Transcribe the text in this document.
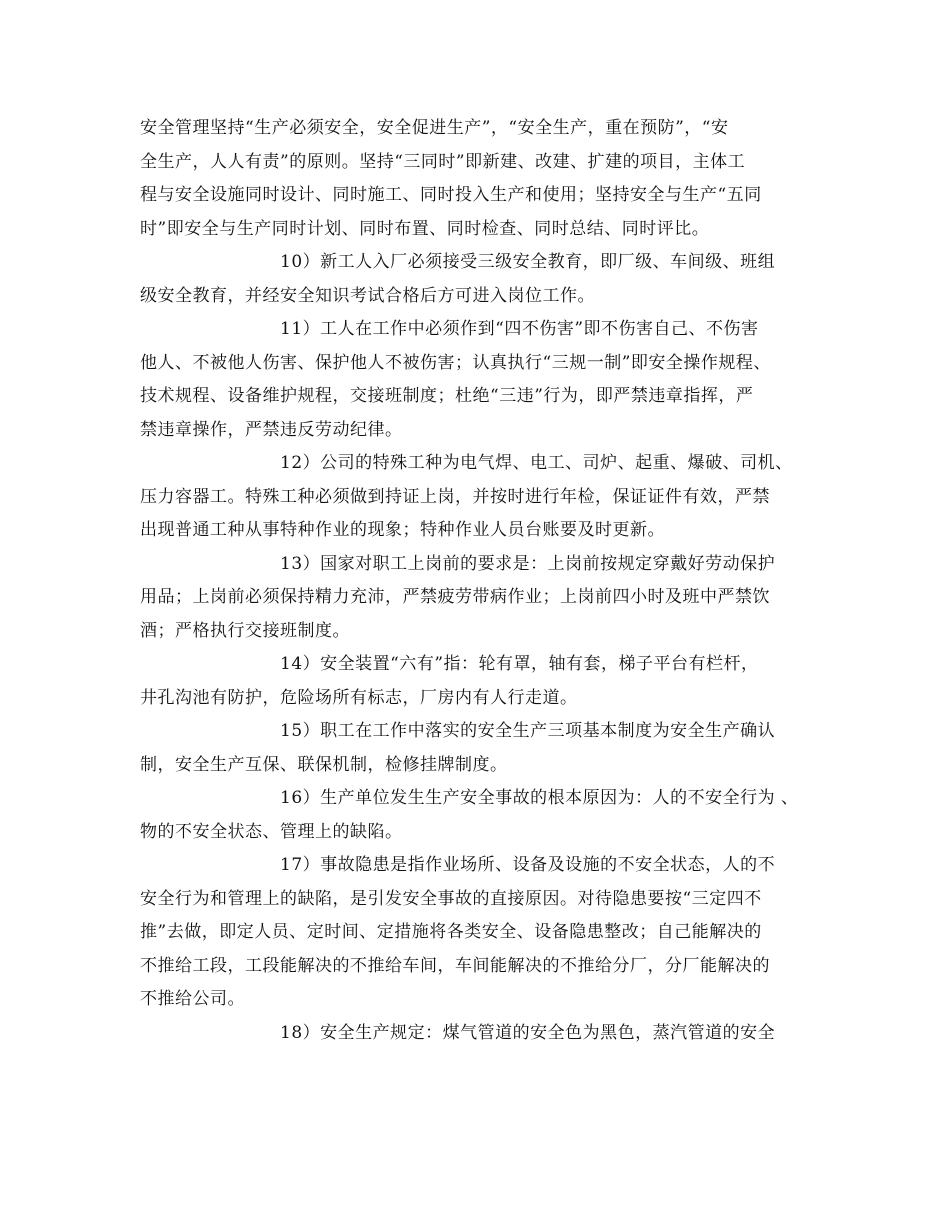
安全管理坚持“生产必须安全，安全促进生产”，“安全生产，重在预防”，“安
全生产，人人有责”的原则。坚持“三同时”即新建、改建、扩建的项目，主体工
程与安全设施同时设计、同时施工、同时投入生产和使用；坚持安全与生产“五同
时”即安全与生产同时计划、同时布置、同时检查、同时总结、同时评比。
10）新工人入厂必须接受三级安全教育，即厂级、车间级、班组
级安全教育，并经安全知识考试合格后方可进入岗位工作。
11）工人在工作中必须作到“四不伤害”即不伤害自己、不伤害
他人、不被他人伤害、保护他人不被伤害；认真执行“三规一制”即安全操作规程、
技术规程、设备维护规程，交接班制度；杜绝“三违”行为，即严禁违章指挥，严
禁违章操作，严禁违反劳动纪律。
12）公司的特殊工种为电气焊、电工、司炉、起重、爆破、司机、
压力容器工。特殊工种必须做到持证上岗，并按时进行年检，保证证件有效，严禁
出现普通工种从事特种作业的现象；特种作业人员台账要及时更新。
13）国家对职工上岗前的要求是：上岗前按规定穿戴好劳动保护
用品；上岗前必须保持精力充沛，严禁疲劳带病作业；上岗前四小时及班中严禁饮
酒；严格执行交接班制度。
14）安全装置“六有”指：轮有罩，轴有套，梯子平台有栏杆，
井孔沟池有防护，危险场所有标志，厂房内有人行走道。
15）职工在工作中落实的安全生产三项基本制度为安全生产确认
制，安全生产互保、联保机制，检修挂牌制度。
16）生产单位发生生产安全事故的根本原因为：人的不安全行为 、
物的不安全状态、管理上的缺陷。
17）事故隐患是指作业场所、设备及设施的不安全状态，人的不
安全行为和管理上的缺陷，是引发安全事故的直接原因。对待隐患要按“三定四不
推”去做，即定人员、定时间、定措施将各类安全、设备隐患整改；自己能解决的
不推给工段，工段能解决的不推给车间，车间能解决的不推给分厂，分厂能解决的
不推给公司。
18）安全生产规定：煤气管道的安全色为黑色，蒸汽管道的安全
